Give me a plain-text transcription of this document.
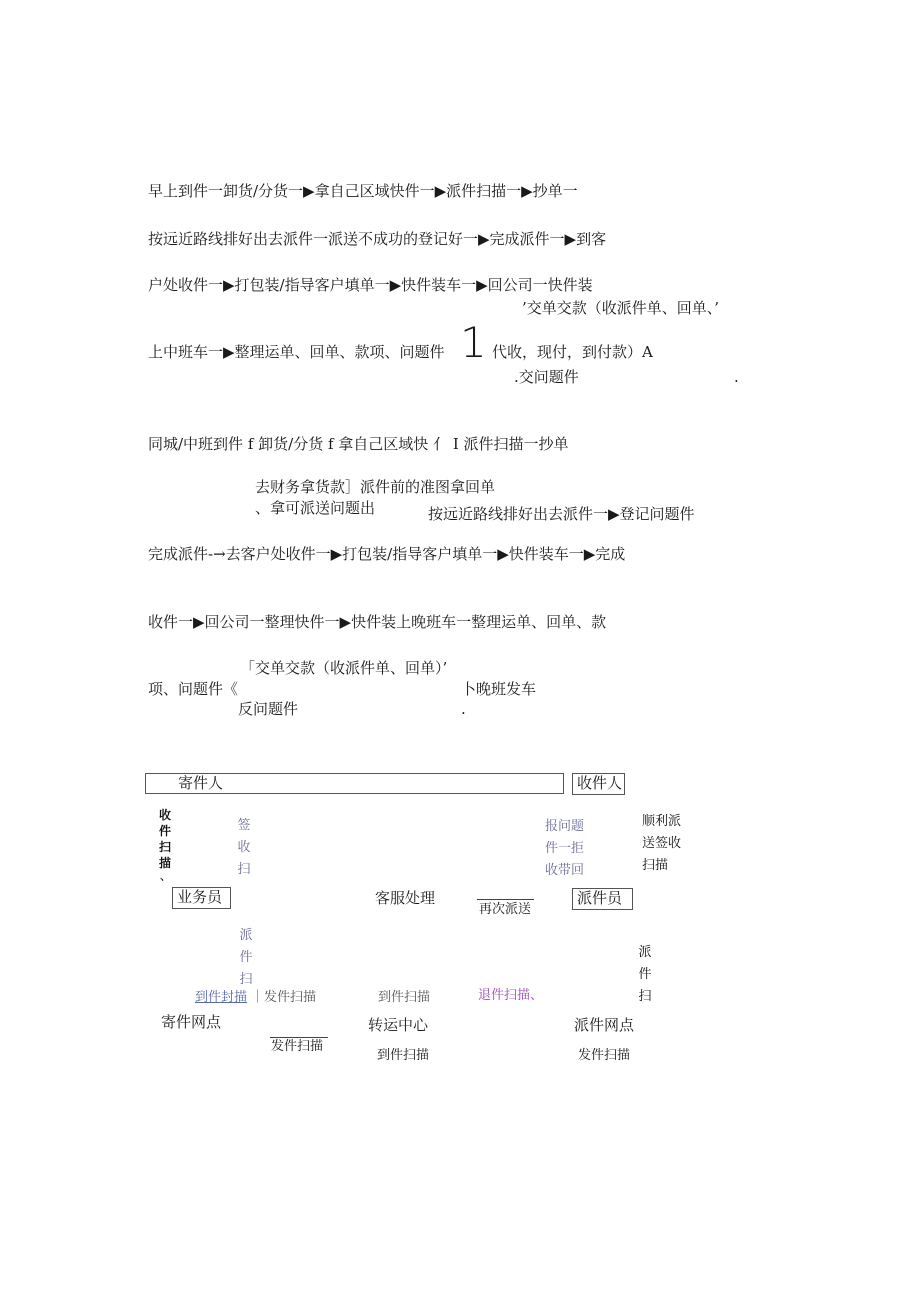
早上到件一卸货/分货一▶拿自己区域快件一▶派件扫描一▶抄单一
按远近路线排好出去派件一派送不成功的登记好一▶完成派件一▶到客
户处收件一▶打包装/指导客户填单一▶快件装车一▶回公司一快件装
’交单交款（收派件单、回单、’
上中班车一▶整理运单、回单、款项、问题件 1 代收，现付，到付款）A
.交问题件	.
同城/中班到件 f 卸货/分货 f 拿自己区域快 ⺅ I 派件扫描一抄单
去财务拿货款］派件前的准图拿回单
、拿可派送问题出	按远近路线排好出去派件一▶登记问题件
完成派件-→去客户处收件一▶打包装/指导客户填单一▶快件装车一▶完成
收件一▶回公司一整理快件一▶快件装上晚班车一整理运单、回单、款
「交单交款（收派件单、回单）’
项、问题件《	卜晚班发车
反问题件	.
寄件人	收件人
收件扫描
、
签收扫
报问题
件一拒
收带回
顺利派
送签收
扫描
业务员	客服处理
再次派送
派件员
派件扫
派件扫
到件封描 ｜发件扫描	到件扫描	退件扫描、
寄件网点	转运中心	派件网点
发件扫描
到件扫描	发件扫描
